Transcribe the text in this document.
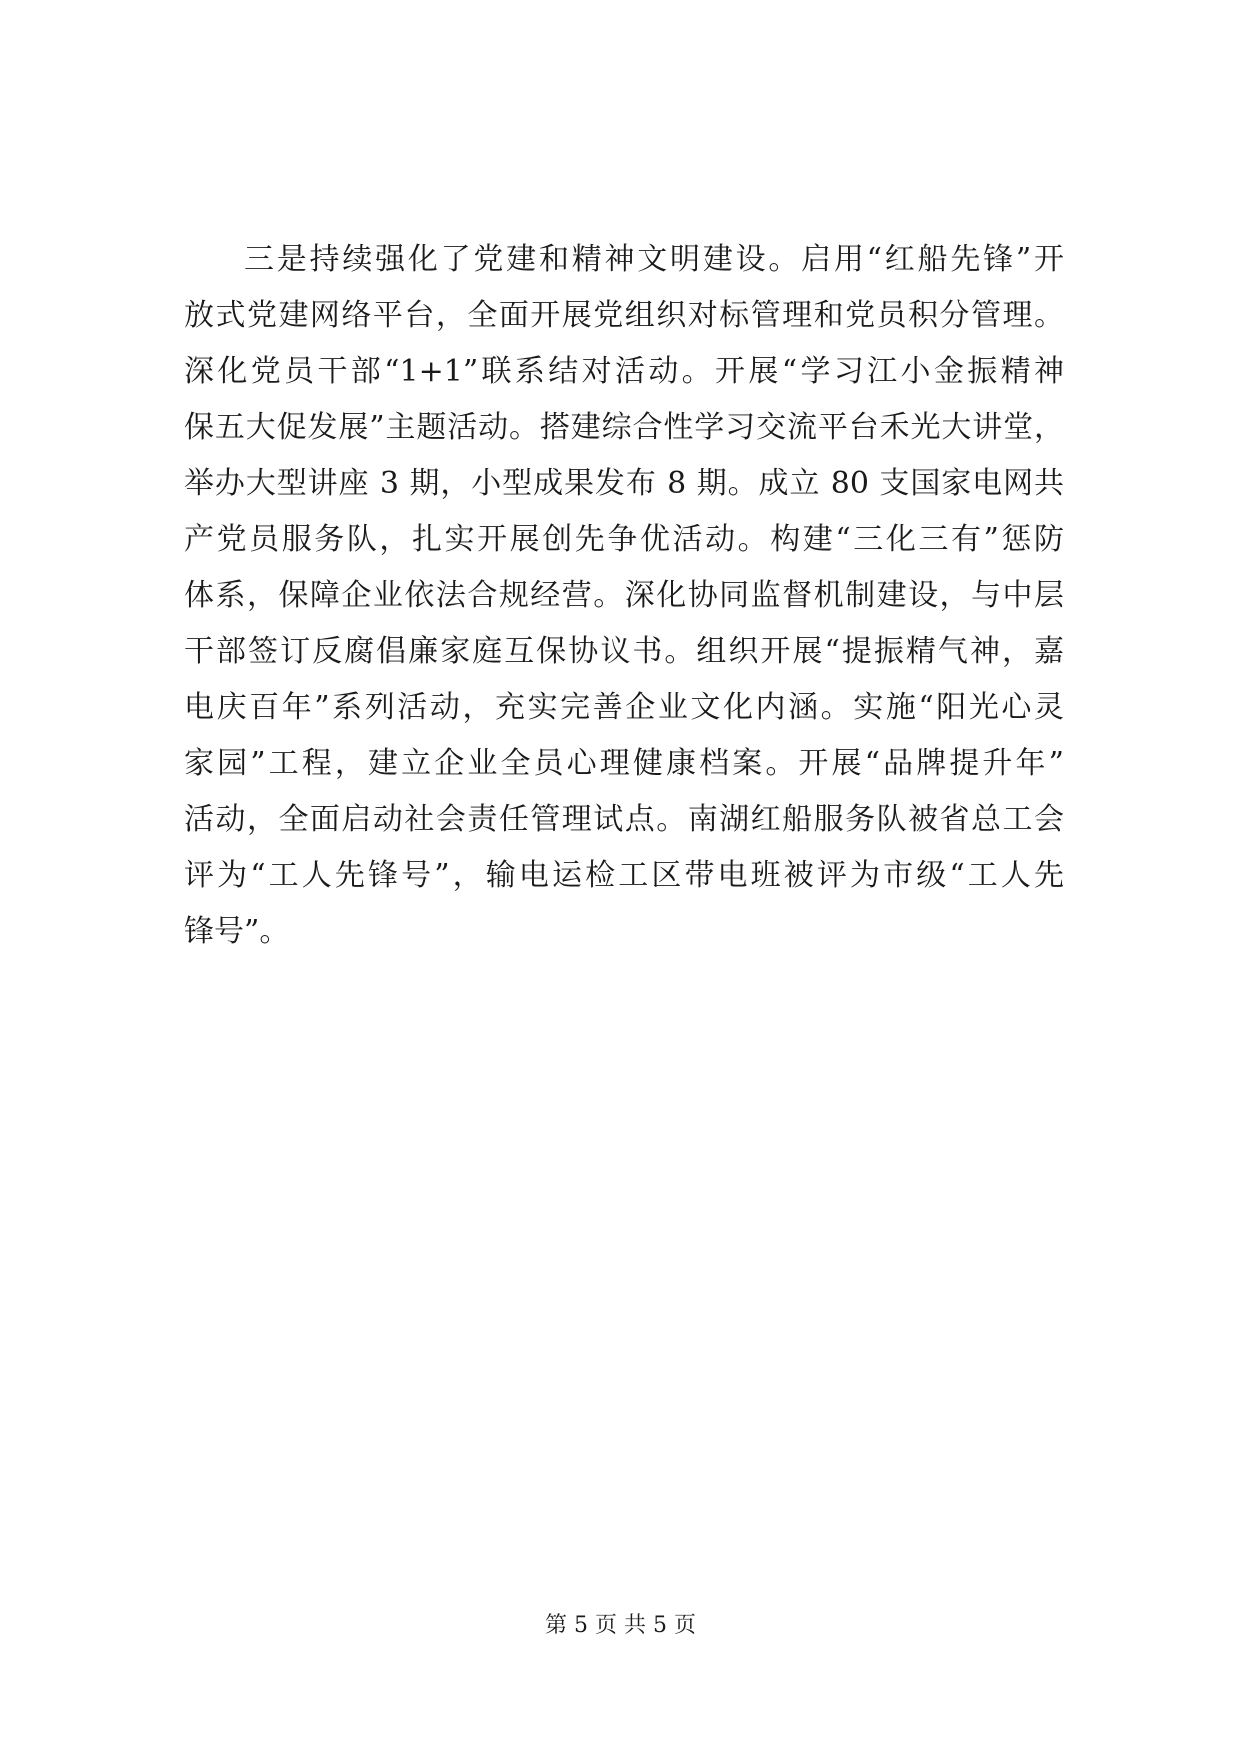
三是持续强化了党建和精神文明建设。启用“红船先锋”开
放式党建网络平台，全面开展党组织对标管理和党员积分管理。
深化党员干部“1+1”联系结对活动。开展“学习江小金振精神
保五大促发展”主题活动。搭建综合性学习交流平台禾光大讲堂，
举办大型讲座 3 期，小型成果发布 8 期。成立 80 支国家电网共
产党员服务队，扎实开展创先争优活动。构建“三化三有”惩防
体系，保障企业依法合规经营。深化协同监督机制建设，与中层
干部签订反腐倡廉家庭互保协议书。组织开展“提振精气神，嘉
电庆百年”系列活动，充实完善企业文化内涵。实施“阳光心灵
家园”工程，建立企业全员心理健康档案。开展“品牌提升年”
活动，全面启动社会责任管理试点。南湖红船服务队被省总工会
评为“工人先锋号”，输电运检工区带电班被评为市级“工人先
锋号”。
第 5 页 共 5 页
